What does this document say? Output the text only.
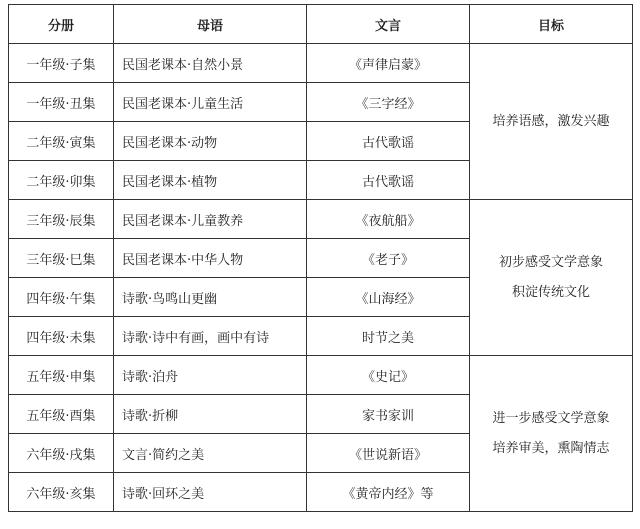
分册	母语	文言	目标
一年级·子集	民国老课本·自然小景	《声律启蒙》	培养语感，激发兴趣

一年级·丑集	民国老课本·儿童生活	《三字经》	
二年级·寅集	民国老课本·动物	古代歌谣	
二年级·卯集	民国老课本·植物	古代歌谣	
三年级·辰集	民国老课本·儿童教养	《夜航船》	初步感受文学意象
积淀传统文化

三年级·巳集	民国老课本·中华人物	《老子》	
四年级·午集	诗歌·鸟鸣山更幽	《山海经》	
四年级·未集	诗歌·诗中有画，画中有诗	时节之美	
五年级·申集	诗歌·泊舟	《史记》	进一步感受文学意象
培养审美，熏陶情志

五年级·酉集	诗歌·折柳	家书家训	
六年级·戌集	文言·简约之美	《世说新语》	
六年级·亥集	诗歌·回环之美	《黄帝内经》等	
